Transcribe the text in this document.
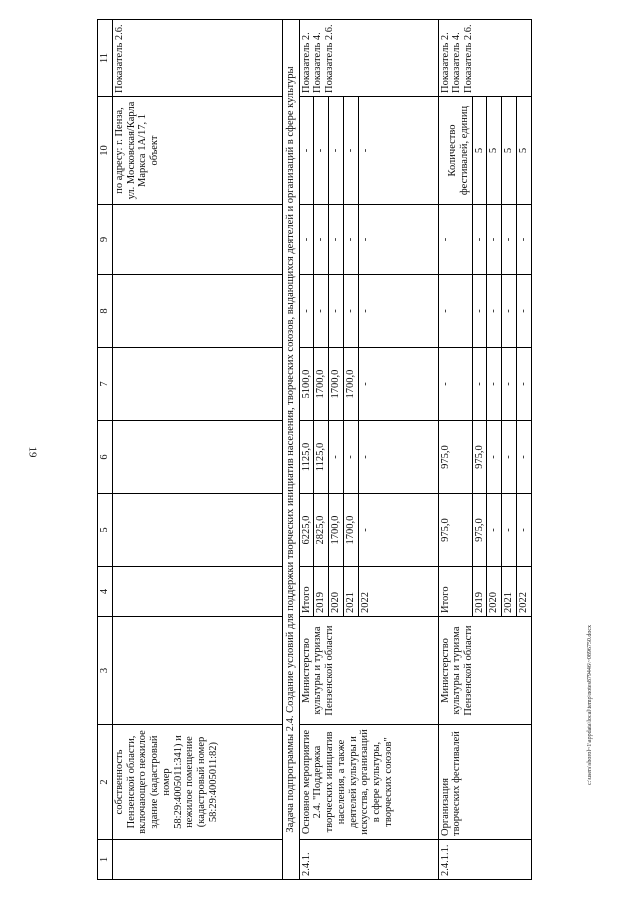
19
c:\users\sborol~1\appdata\local\temp\notes879446\~0896750.docx
1	2	3	4	5	6	7	8	9	10	11
	собственность Пензенской области, включающего нежилое здание (кадастровый номер 58:29:4005011:341) и нежилое помещение (кадастровый номер 58:29:4005011:82)								по адресу: г. Пенза, ул. Московская/Карла Маркса 1А/17, 1 объект	Показатель 2.6.
Задача подпрограммы 2.4. Создание условий для поддержки творческих инициатив населения, творческих союзов, выдающихся деятелей и организаций в сфере культуры										
2.4.1.	Основное мероприятие 2.4. "Поддержка творческих инициатив населения, а также деятелей культуры и искусства, организаций в сфере культуры, творческих союзов"	Министерство культуры и туризма Пензенской области	Итого	6225,0	1125,0	5100,0	-	-	-	Показатель 2. Показатель 4. Показатель 2.6.
			2019	2825,0	1125,0	1700,0	-	-	-	
			2020	1700,0	-	1700,0	-	-	-	
			2021	1700,0	-	1700,0	-	-	-	
			2022	-	-	-	-	-	-	
2.4.1.1.	Организация творческих фестивалей	Министерство культуры и туризма Пензенской области	Итого	975,0	975,0	-	-	-	Количество фестивалей, единиц	Показатель 2. Показатель 4. Показатель 2.6.
			2019	975,0	975,0	-	-	-	5	
			2020	-	-	-	-	-	5	
			2021	-	-	-	-	-	5	
			2022	-	-	-	-	-	5	
